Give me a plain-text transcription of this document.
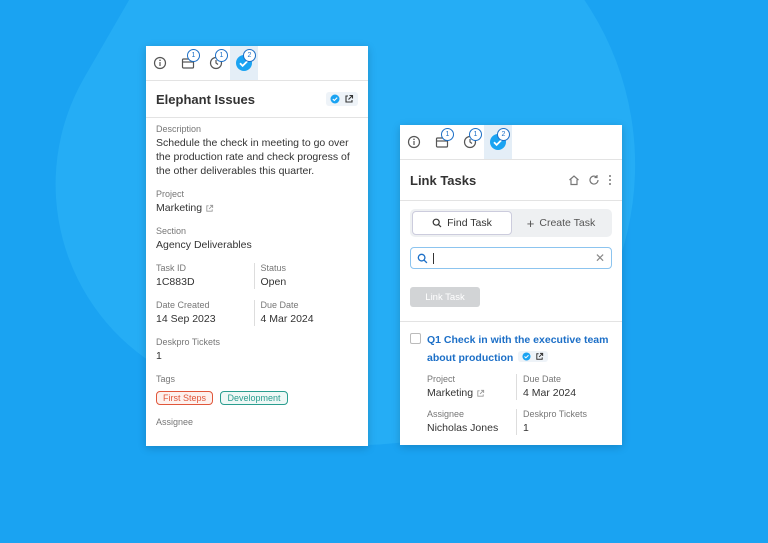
1	1	2
Elephant Issues
Description
Schedule the check in meeting to go over the production rate and check progress of the other deliverables this quarter.
Project
Marketing
Section
Agency Deliverables
Task ID
1C883D
Status
Open
Date Created
14 Sep 2023
Due Date
4 Mar 2024
Deskpro Tickets
1
Tags
First Steps Development
Assignee
1	1	2
Link Tasks
Find Task	+ Create Task
✕
Link Task
Q1 Check in with the executive team about production
Project
Marketing
Due Date
4 Mar 2024
Assignee
Nicholas Jones
Deskpro Tickets
1
